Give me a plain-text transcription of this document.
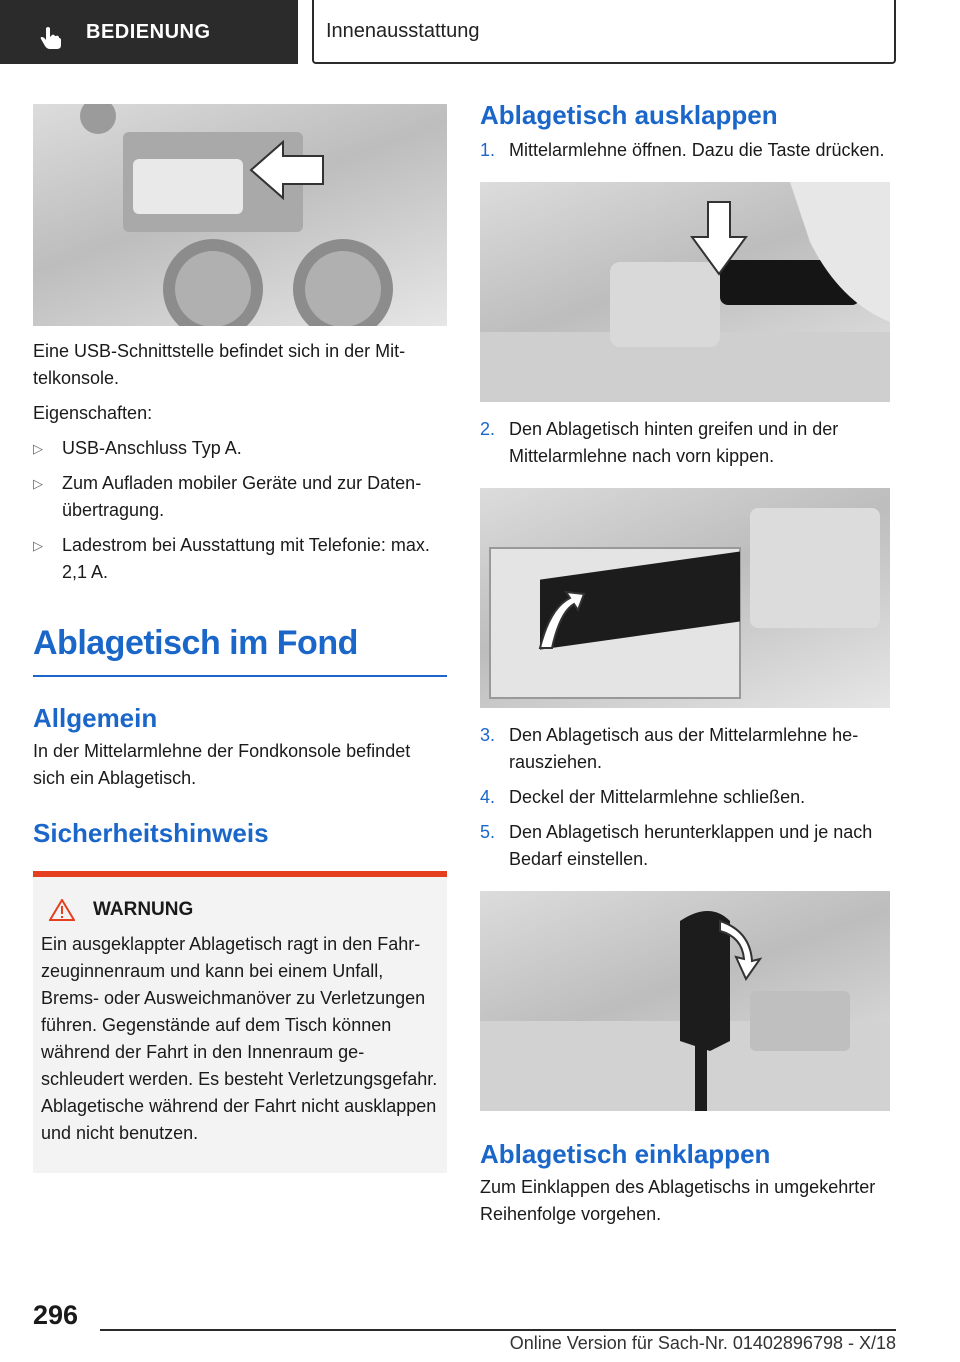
BEDIENUNG	Innenausstattung

Eine USB-Schnittstelle befindet sich in der Mittelkonsole.

Eigenschaften:

▷ USB-Anschluss Typ A.
▷ Zum Aufladen mobiler Geräte und zur Datenübertragung.
▷ Ladestrom bei Ausstattung mit Telefonie: max. 2,1 A.
Ablagetisch im Fond
Allgemein

In der Mittelarmlehne der Fondkonsole befindet sich ein Ablagetisch.

Sicherheitshinweis
WARNUNG

Ein ausgeklappter Ablagetisch ragt in den Fahrzeuginnenraum und kann bei einem Unfall, Brems- oder Ausweichmanöver zu Verletzungen führen. Gegenstände auf dem Tisch können während der Fahrt in den Innenraum geschleudert werden. Es besteht Verletzungsgefahr. Ablagetische während der Fahrt nicht ausklappen und nicht benutzen.

Ablagetisch ausklappen
1. Mittelarmlehne öffnen. Dazu die Taste drücken.
2. Den Ablagetisch hinten greifen und in der Mittelarmlehne nach vorn kippen.
3. Den Ablagetisch aus der Mittelarmlehne herausziehen.
4. Deckel der Mittelarmlehne schließen.
5. Den Ablagetisch herunterklappen und je nach Bedarf einstellen.
Ablagetisch einklappen

Zum Einklappen des Ablagetischs in umgekehrter Reihenfolge vorgehen.

296
Online Version für Sach-Nr. 01402896798 - X/18
